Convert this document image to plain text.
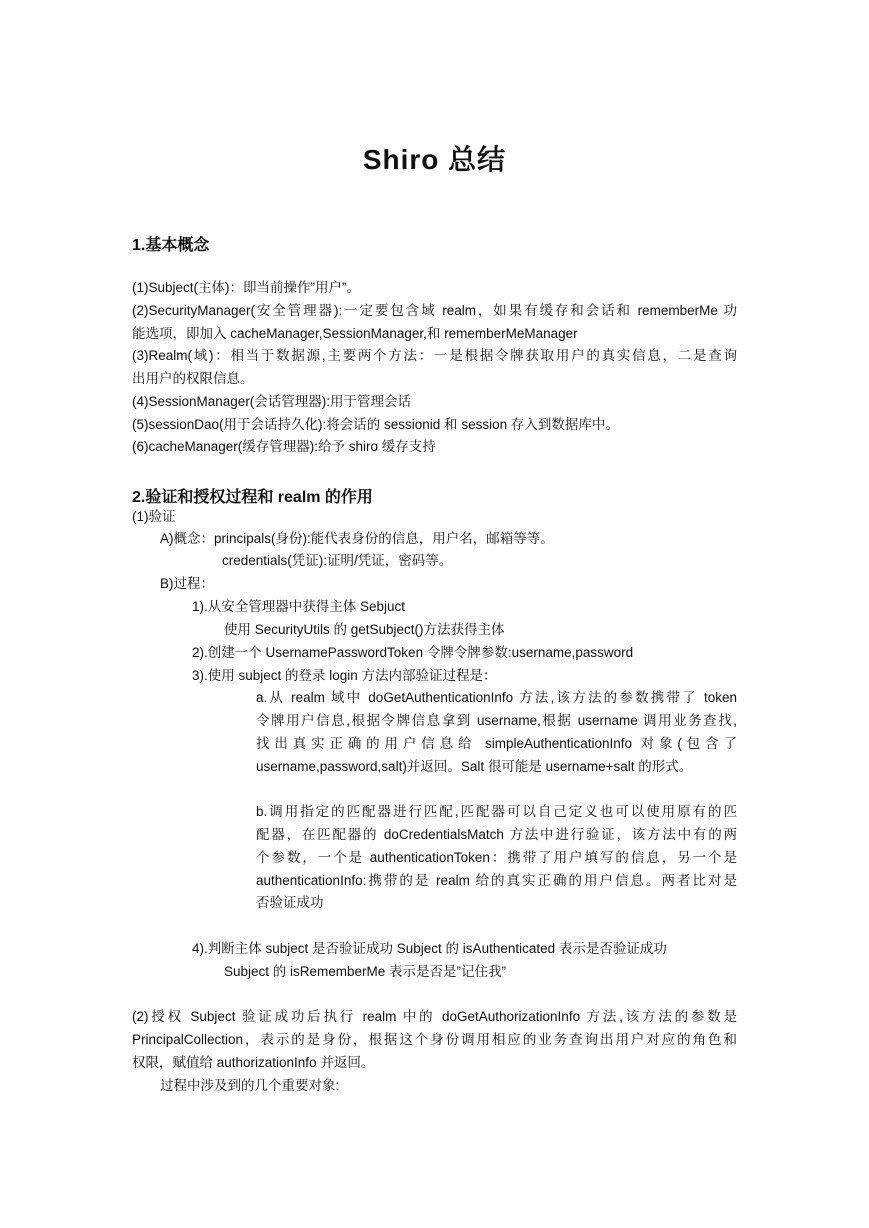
Shiro 总结
1.基本概念
(1)Subject(主体)：即当前操作”用户”。
(2)SecurityManager(安全管理器):一定要包含域 realm，如果有缓存和会话和 rememberMe 功
能选项，即加入 cacheManager,SessionManager,和 rememberMeManager
(3)Realm(域)：相当于数据源,主要两个方法：一是根据令牌获取用户的真实信息，二是查询
出用户的权限信息。
(4)SessionManager(会话管理器):用于管理会话
(5)sessionDao(用于会话持久化):将会话的 sessionid 和 session 存入到数据库中。
(6)cacheManager(缓存管理器):给予 shiro 缓存支持
2.验证和授权过程和 realm 的作用
(1)验证
A)概念：principals(身份):能代表身份的信息，用户名，邮箱等等。
credentials(凭证):证明/凭证，密码等。
B)过程：
1).从安全管理器中获得主体 Sebjuct
使用 SecurityUtils 的 getSubject()方法获得主体
2).创建一个 UsernamePasswordToken 令牌令牌参数:username,password
3).使用 subject 的登录 login 方法内部验证过程是：
a.从 realm 域中 doGetAuthenticationInfo 方法,该方法的参数携带了 token
令牌用户信息,根据令牌信息拿到 username,根据 username 调用业务查找,
找出真实正确的用户信息给 simpleAuthenticationInfo 对象(包含了
username,password,salt)并返回。Salt 很可能是 username+salt 的形式。
b.调用指定的匹配器进行匹配,匹配器可以自己定义也可以使用原有的匹
配器，在匹配器的 doCredentialsMatch 方法中进行验证，该方法中有的两
个参数，一个是 authenticationToken：携带了用户填写的信息，另一个是
authenticationInfo:携带的是 realm 给的真实正确的用户信息。两者比对是
否验证成功
4).判断主体 subject 是否验证成功 Subject 的 isAuthenticated 表示是否验证成功
Subject 的 isRememberMe 表示是否是”记住我”
(2)授权 Subject 验证成功后执行 realm 中的 doGetAuthorizationInfo 方法,该方法的参数是
PrincipalCollection，表示的是身份，根据这个身份调用相应的业务查询出用户对应的角色和
权限，赋值给 authorizationInfo 并返回。
过程中涉及到的几个重要对象:
